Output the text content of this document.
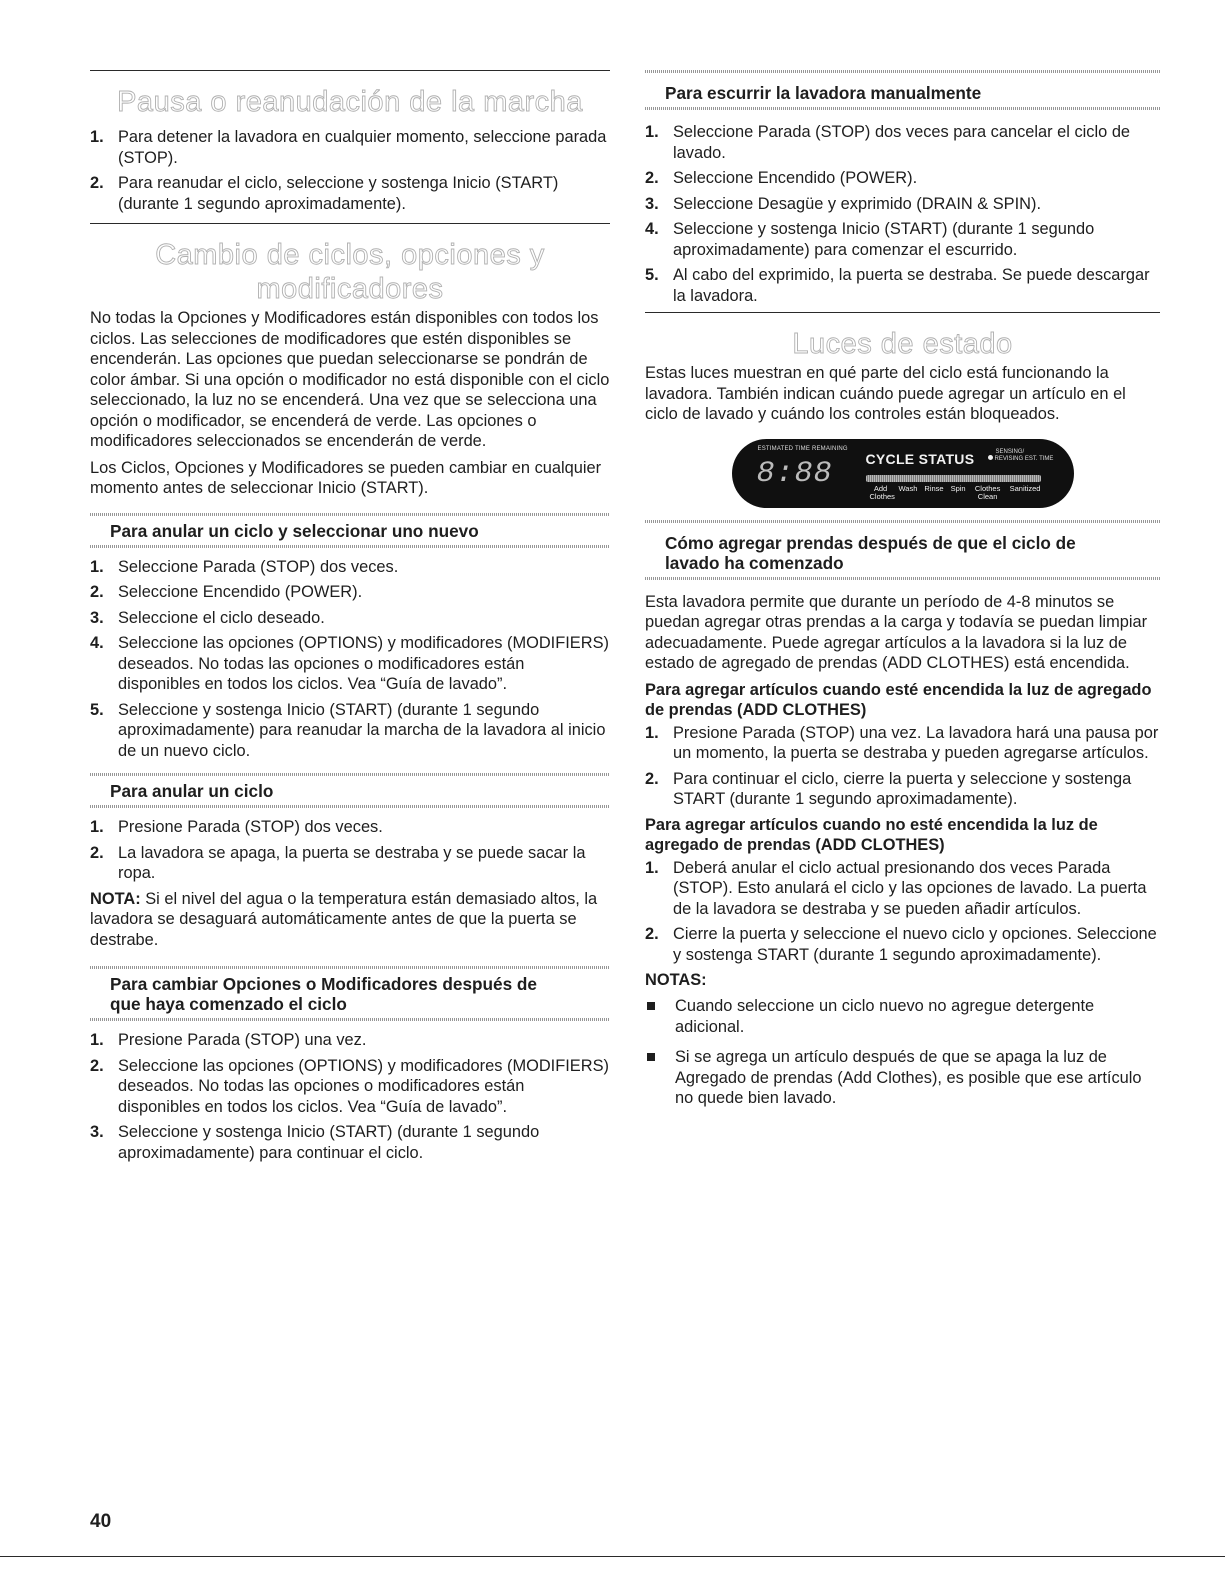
Pausa o reanudación de la marcha
1. Para detener la lavadora en cualquier momento, seleccione parada (STOP).
2. Para reanudar el ciclo, seleccione y sostenga Inicio (START) (durante 1 segundo aproximadamente).
Cambio de ciclos, opciones y
modificadores

No todas la Opciones y Modificadores están disponibles con todos los ciclos. Las selecciones de modificadores que estén disponibles se encenderán. Las opciones que puedan seleccionarse se pondrán de color ámbar. Si una opción o modificador no está disponible con el ciclo seleccionado, la luz no se encenderá. Una vez que se selecciona una opción o modificador, se encenderá de verde. Las opciones o modificadores seleccionados se encenderán de verde.

Los Ciclos, Opciones y Modificadores se pueden cambiar en cualquier momento antes de seleccionar Inicio (START).

Para anular un ciclo y seleccionar uno nuevo
1. Seleccione Parada (STOP) dos veces.
2. Seleccione Encendido (POWER).
3. Seleccione el ciclo deseado.
4. Seleccione las opciones (OPTIONS) y modificadores (MODIFIERS) deseados. No todas las opciones o modificadores están disponibles en todos los ciclos. Vea “Guía de lavado”.
5. Seleccione y sostenga Inicio (START) (durante 1 segundo aproximadamente) para reanudar la marcha de la lavadora al inicio de un nuevo ciclo.
Para anular un ciclo
1. Presione Parada (STOP) dos veces.
2. La lavadora se apaga, la puerta se destraba y se puede sacar la ropa.

NOTA: Si el nivel del agua o la temperatura están demasiado altos, la lavadora se desaguará automáticamente antes de que la puerta se destrabe.

Para cambiar Opciones o Modificadores después de
que haya comenzado el ciclo
1. Presione Parada (STOP) una vez.
2. Seleccione las opciones (OPTIONS) y modificadores (MODIFIERS) deseados. No todas las opciones o modificadores están disponibles en todos los ciclos. Vea “Guía de lavado”.
3. Seleccione y sostenga Inicio (START) (durante 1 segundo aproximadamente) para continuar el ciclo.
Para escurrir la lavadora manualmente
1. Seleccione Parada (STOP) dos veces para cancelar el ciclo de lavado.
2. Seleccione Encendido (POWER).
3. Seleccione Desagüe y exprimido (DRAIN & SPIN).
4. Seleccione y sostenga Inicio (START) (durante 1 segundo aproximadamente) para comenzar el escurrido.
5. Al cabo del exprimido, la puerta se destraba. Se puede descargar la lavadora.
Luces de estado

Estas luces muestran en qué parte del ciclo está funcionando la lavadora. También indican cuándo puede agregar un artículo en el ciclo de lavado y cuándo los controles están bloqueados.

ESTIMATED TIME REMAINING
8:88 CYCLE STATUS	SENSING/
REVISING EST. TIME
Add Clothes
Wash Rinse Spin	Clothes Clean
Sanitized
Cómo agregar prendas después de que el ciclo de
lavado ha comenzado

Esta lavadora permite que durante un período de 4-8 minutos se puedan agregar otras prendas a la carga y todavía se puedan limpiar adecuadamente. Puede agregar artículos a la lavadora si la luz de estado de agregado de prendas (ADD CLOTHES) está encendida.

Para agregar artículos cuando esté encendida la luz de agregado de prendas (ADD CLOTHES)
1. Presione Parada (STOP) una vez. La lavadora hará una pausa por un momento, la puerta se destraba y pueden agregarse artículos.
2. Para continuar el ciclo, cierre la puerta y seleccione y sostenga START (durante 1 segundo aproximadamente).
Para agregar artículos cuando no esté encendida la luz de agregado de prendas (ADD CLOTHES)
1. Deberá anular el ciclo actual presionando dos veces Parada (STOP). Esto anulará el ciclo y las opciones de lavado. La puerta de la lavadora se destraba y se pueden añadir artículos.
2. Cierre la puerta y seleccione el nuevo ciclo y opciones. Seleccione y sostenga START (durante 1 segundo aproximadamente).
NOTAS:
Cuando seleccione un ciclo nuevo no agregue detergente adicional.
Si se agrega un artículo después de que se apaga la luz de Agregado de prendas (Add Clothes), es posible que ese artículo no quede bien lavado.
40
